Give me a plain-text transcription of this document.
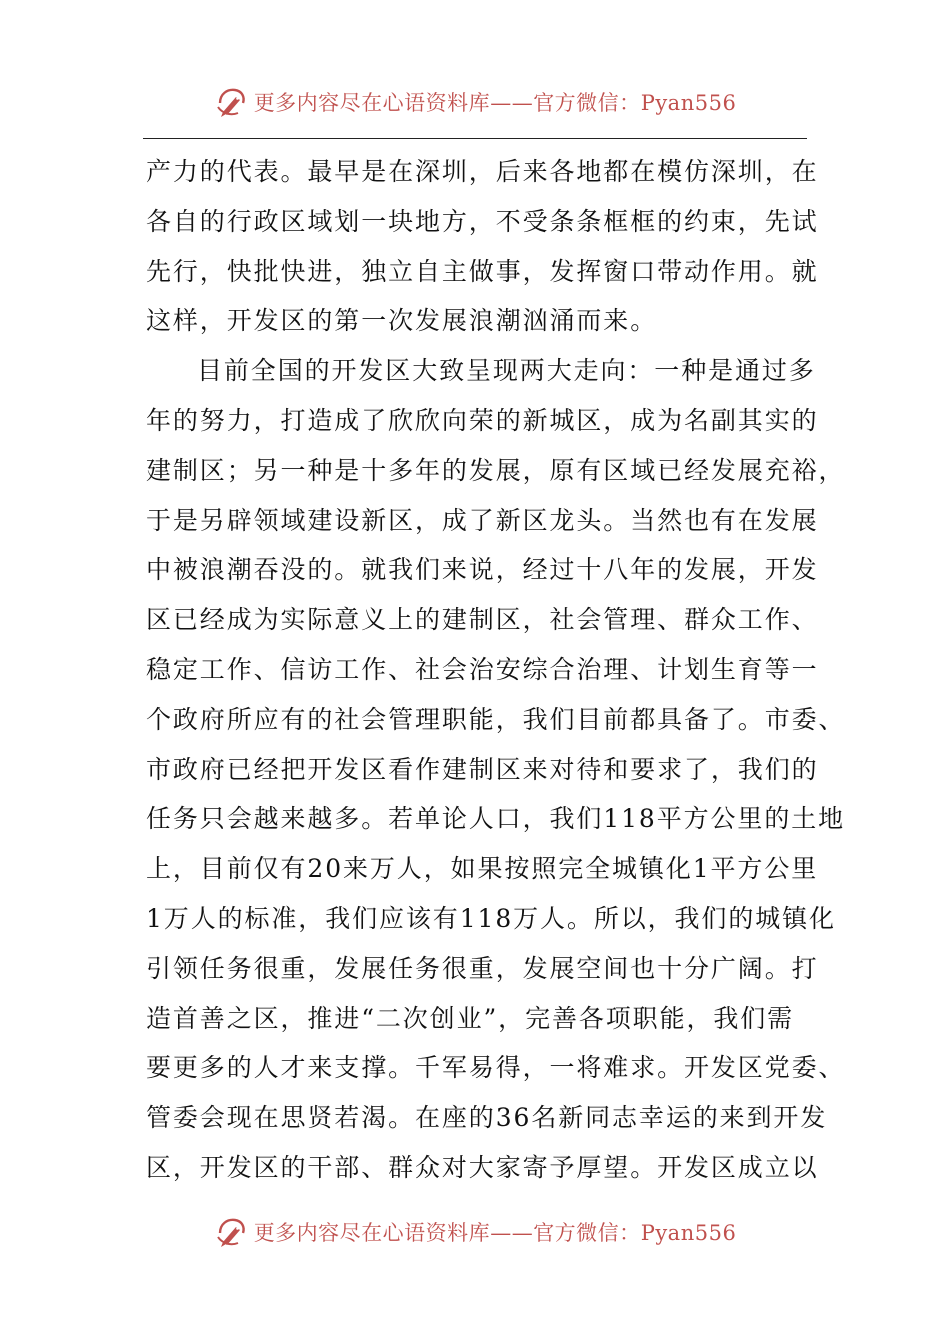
更多内容尽在心语资料库——官方微信：Pyan556
产力的代表。最早是在深圳，后来各地都在模仿深圳，在
各自的行政区域划一块地方，不受条条框框的约束，先试
先行，快批快进，独立自主做事，发挥窗口带动作用。就
这样，开发区的第一次发展浪潮汹涌而来。
目前全国的开发区大致呈现两大走向：一种是通过多
年的努力，打造成了欣欣向荣的新城区，成为名副其实的
建制区；另一种是十多年的发展，原有区域已经发展充裕，
于是另辟领域建设新区，成了新区龙头。当然也有在发展
中被浪潮吞没的。就我们来说，经过十八年的发展，开发
区已经成为实际意义上的建制区，社会管理、群众工作、
稳定工作、信访工作、社会治安综合治理、计划生育等一
个政府所应有的社会管理职能，我们目前都具备了。市委、
市政府已经把开发区看作建制区来对待和要求了，我们的
任务只会越来越多。若单论人口，我们118平方公里的土地
上，目前仅有20来万人，如果按照完全城镇化1平方公里
1万人的标准，我们应该有118万人。所以，我们的城镇化
引领任务很重，发展任务很重，发展空间也十分广阔。打
造首善之区，推进“二次创业”，完善各项职能，我们需
要更多的人才来支撑。千军易得，一将难求。开发区党委、
管委会现在思贤若渴。在座的36名新同志幸运的来到开发
区，开发区的干部、群众对大家寄予厚望。开发区成立以
更多内容尽在心语资料库——官方微信：Pyan556
